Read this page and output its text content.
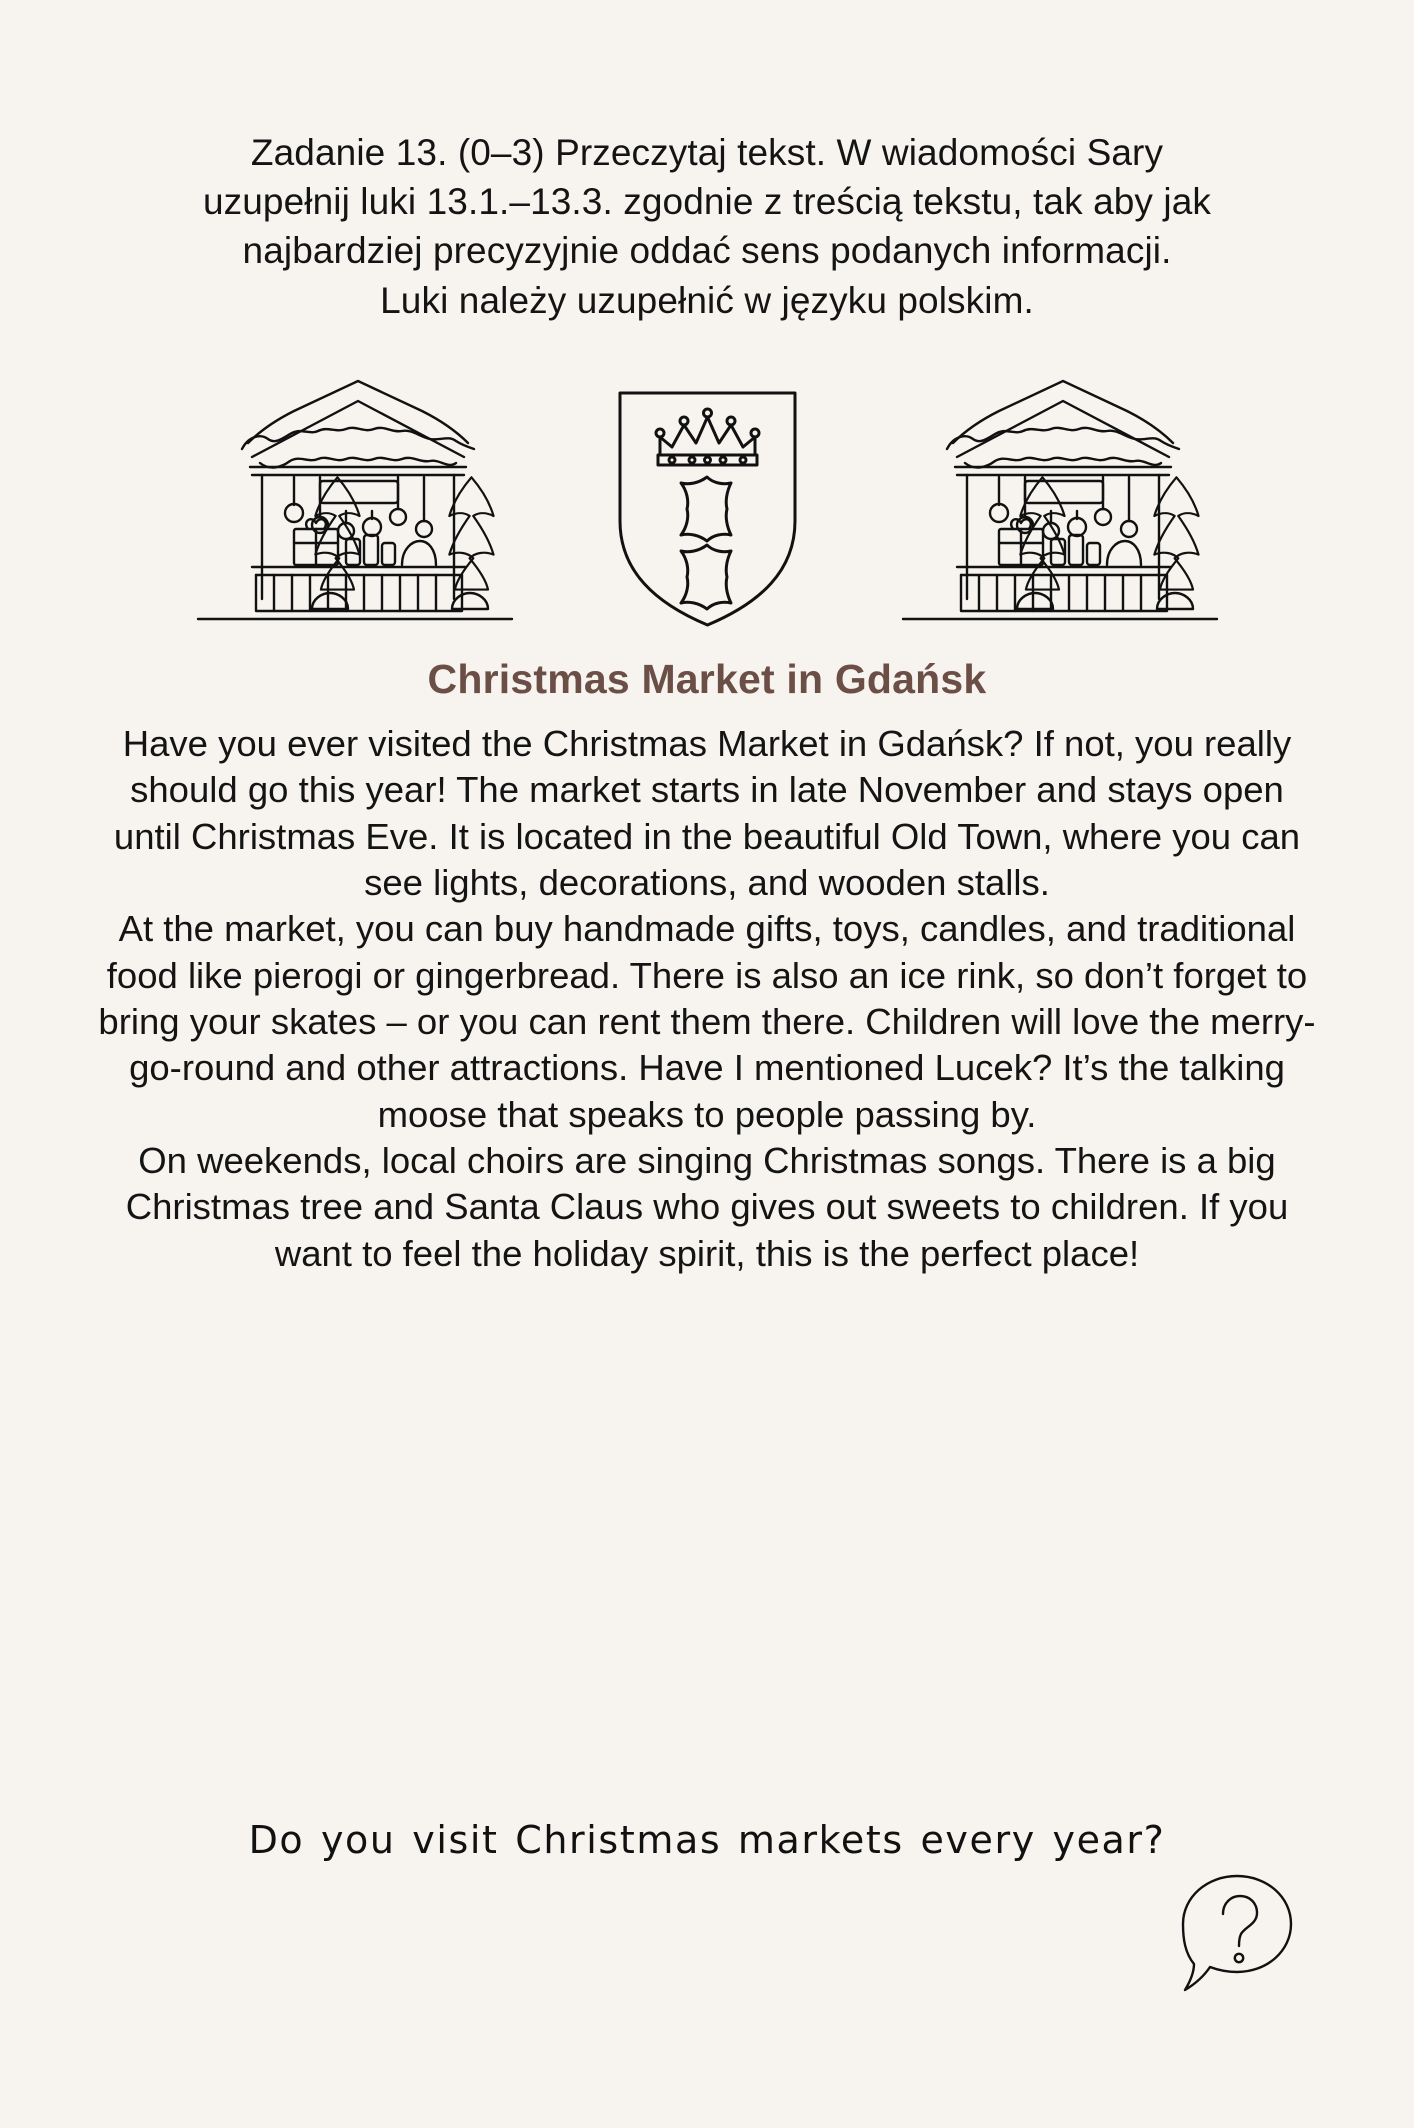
Zadanie 13. (0–3) Przeczytaj tekst. W wiadomości Sary
uzupełnij luki 13.1.–13.3. zgodnie z treścią tekstu, tak aby jak
najbardziej precyzyjnie oddać sens podanych informacji.
Luki należy uzupełnić w języku polskim.
Christmas Market in Gdańsk

Have you ever visited the Christmas Market in Gdańsk? If not, you really should go this year! The market starts in late November and stays open until Christmas Eve. It is located in the beautiful Old Town, where you can see lights, decorations, and wooden stalls.

At the market, you can buy handmade gifts, toys, candles, and traditional food like pierogi or gingerbread. There is also an ice rink, so don’t forget to bring your skates – or you can rent them there. Children will love the merry-go-round and other attractions. Have I mentioned Lucek? It’s the talking moose that speaks to people passing by.

On weekends, local choirs are singing Christmas songs. There is a big Christmas tree and Santa Claus who gives out sweets to children. If you want to feel the holiday spirit, this is the perfect place!

Do you visit Christmas markets every year?
